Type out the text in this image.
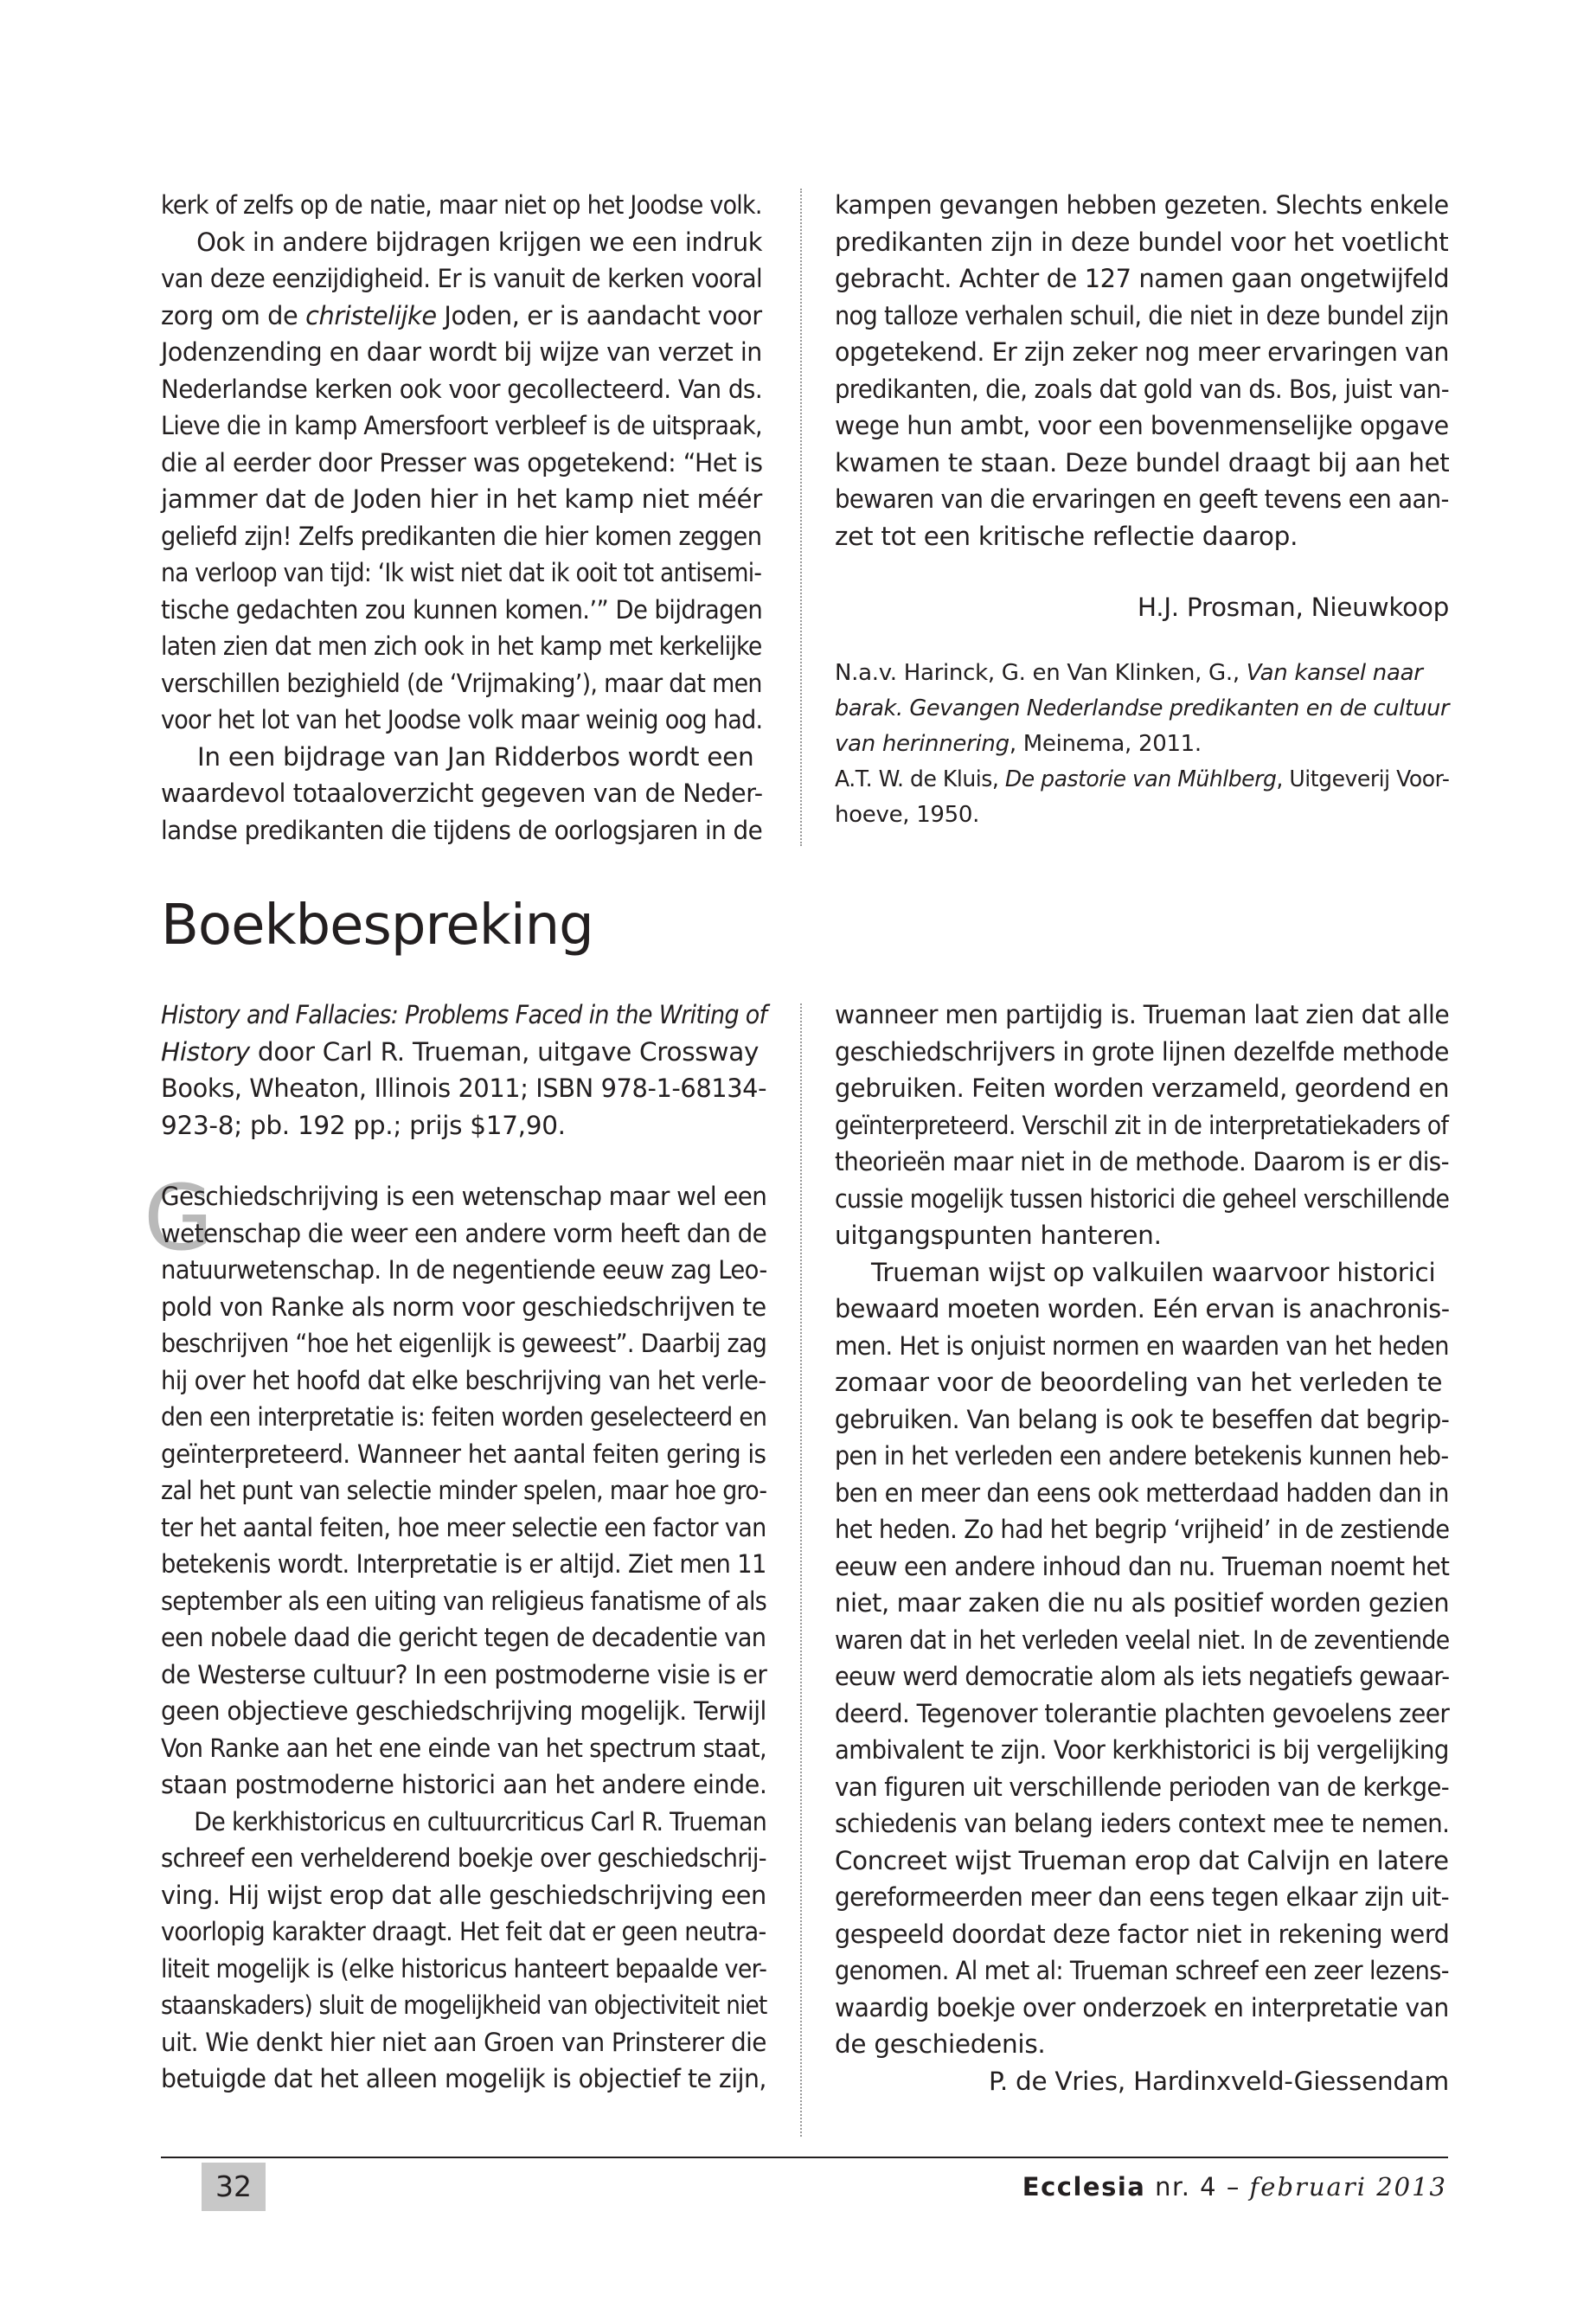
kerk of zelfs op de natie, maar niet op het Joodse volk.

Ook in andere bijdragen krijgen we een indruk

van deze eenzijdigheid. Er is vanuit de kerken vooral

zorg om de christelijke Joden, er is aandacht voor

Jodenzending en daar wordt bij wijze van verzet in

Nederlandse kerken ook voor gecollecteerd. Van ds.

Lieve die in kamp Amersfoort verbleef is de uitspraak,

die al eerder door Presser was opgetekend: “Het is

jammer dat de Joden hier in het kamp niet méér

geliefd zijn! Zelfs predikanten die hier komen zeggen

na verloop van tijd: ‘Ik wist niet dat ik ooit tot antisemi-

tische gedachten zou kunnen komen.’” De bijdragen

laten zien dat men zich ook in het kamp met kerkelijke

verschillen bezighield (de ‘Vrijmaking’), maar dat men

voor het lot van het Joodse volk maar weinig oog had.

In een bijdrage van Jan Ridderbos wordt een

waardevol totaaloverzicht gegeven van de Neder-

landse predikanten die tijdens de oorlogsjaren in de

kampen gevangen hebben gezeten. Slechts enkele

predikanten zijn in deze bundel voor het voetlicht

gebracht. Achter de 127 namen gaan ongetwijfeld

nog talloze verhalen schuil, die niet in deze bundel zijn

opgetekend. Er zijn zeker nog meer ervaringen van

predikanten, die, zoals dat gold van ds. Bos, juist van-

wege hun ambt, voor een bovenmenselijke opgave

kwamen te staan. Deze bundel draagt bij aan het

bewaren van die ervaringen en geeft tevens een aan-

zet tot een kritische reflectie daarop.

H.J. Prosman, Nieuwkoop

N.a.v. Harinck, G. en Van Klinken, G., Van kansel naar

barak. Gevangen Nederlandse predikanten en de cultuur

van herinnering, Meinema, 2011.

A.T. W. de Kluis, De pastorie van Mühlberg, Uitgeverij Voor-

hoeve, 1950.

Boekbespreking

History and Fallacies: Problems Faced in the Writing of

History door Carl R. Trueman, uitgave Crossway

Books, Wheaton, Illinois 2011; ISBN 978-1-68134-

923-8; pb. 192 pp.; prijs $17,90.

G

Geschiedschrijving is een wetenschap maar wel een

wetenschap die weer een andere vorm heeft dan de

natuurwetenschap. In de negentiende eeuw zag Leo-

pold von Ranke als norm voor geschiedschrijven te

beschrijven “hoe het eigenlijk is geweest”. Daarbij zag

hij over het hoofd dat elke beschrijving van het verle-

den een interpretatie is: feiten worden geselecteerd en

geïnterpreteerd. Wanneer het aantal feiten gering is

zal het punt van selectie minder spelen, maar hoe gro-

ter het aantal feiten, hoe meer selectie een factor van

betekenis wordt. Interpretatie is er altijd. Ziet men 11

september als een uiting van religieus fanatisme of als

een nobele daad die gericht tegen de decadentie van

de Westerse cultuur? In een postmoderne visie is er

geen objectieve geschiedschrijving mogelijk. Terwijl

Von Ranke aan het ene einde van het spectrum staat,

staan postmoderne historici aan het andere einde.

De kerkhistoricus en cultuurcriticus Carl R. Trueman

schreef een verhelderend boekje over geschiedschrij-

ving. Hij wijst erop dat alle geschiedschrijving een

voorlopig karakter draagt. Het feit dat er geen neutra-

liteit mogelijk is (elke historicus hanteert bepaalde ver-

staanskaders) sluit de mogelijkheid van objectiviteit niet

uit. Wie denkt hier niet aan Groen van Prinsterer die

betuigde dat het alleen mogelijk is objectief te zijn,

wanneer men partijdig is. Trueman laat zien dat alle

geschiedschrijvers in grote lijnen dezelfde methode

gebruiken. Feiten worden verzameld, geordend en

geïnterpreteerd. Verschil zit in de interpretatiekaders of

theorieën maar niet in de methode. Daarom is er dis-

cussie mogelijk tussen historici die geheel verschillende

uitgangspunten hanteren.

Trueman wijst op valkuilen waarvoor historici

bewaard moeten worden. Eén ervan is anachronis-

men. Het is onjuist normen en waarden van het heden

zomaar voor de beoordeling van het verleden te

gebruiken. Van belang is ook te beseffen dat begrip-

pen in het verleden een andere betekenis kunnen heb-

ben en meer dan eens ook metterdaad hadden dan in

het heden. Zo had het begrip ‘vrijheid’ in de zestiende

eeuw een andere inhoud dan nu. Trueman noemt het

niet, maar zaken die nu als positief worden gezien

waren dat in het verleden veelal niet. In de zeventiende

eeuw werd democratie alom als iets negatiefs gewaar-

deerd. Tegenover tolerantie plachten gevoelens zeer

ambivalent te zijn. Voor kerkhistorici is bij vergelijking

van figuren uit verschillende perioden van de kerkge-

schiedenis van belang ieders context mee te nemen.

Concreet wijst Trueman erop dat Calvijn en latere

gereformeerden meer dan eens tegen elkaar zijn uit-

gespeeld doordat deze factor niet in rekening werd

genomen. Al met al: Trueman schreef een zeer lezens-

waardig boekje over onderzoek en interpretatie van

de geschiedenis.

P. de Vries, Hardinxveld-Giessendam

32	Ecclesia nr. 4 – februari 2013
